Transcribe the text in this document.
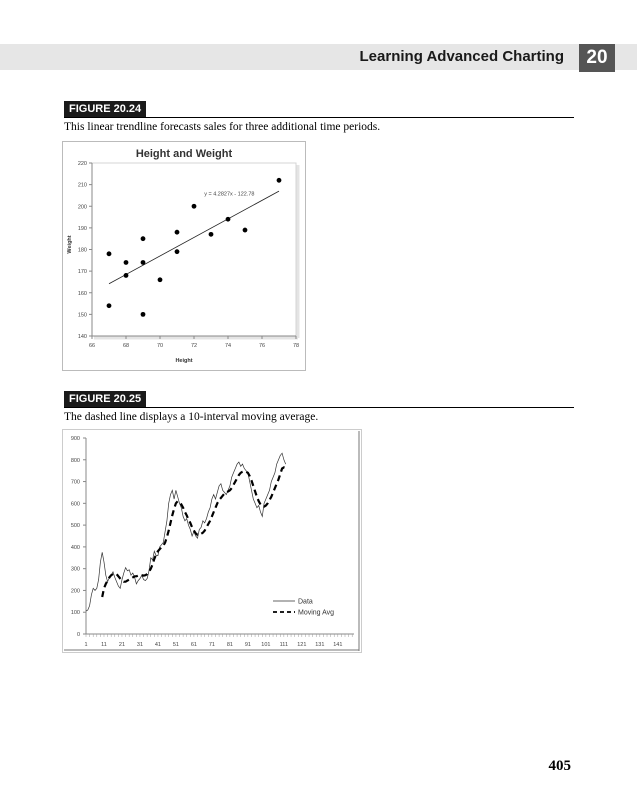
Learning Advanced Charting	20
FIGURE 20.24
This linear trendline forecasts sales for three additional time periods.
Height and Weight
140
150
160
170
180
190
200
210
220
66	68	70	72	74	76	78
Height
Weight
y = 4.2827x - 122.78
FIGURE 20.25
The dashed line displays a 10-interval moving average.
0
100
200
300
400
500
600
700
800
900
1 11 21 31 41 51 61 71 81 91 101 111 121 131 141
Data
Moving Avg
405
